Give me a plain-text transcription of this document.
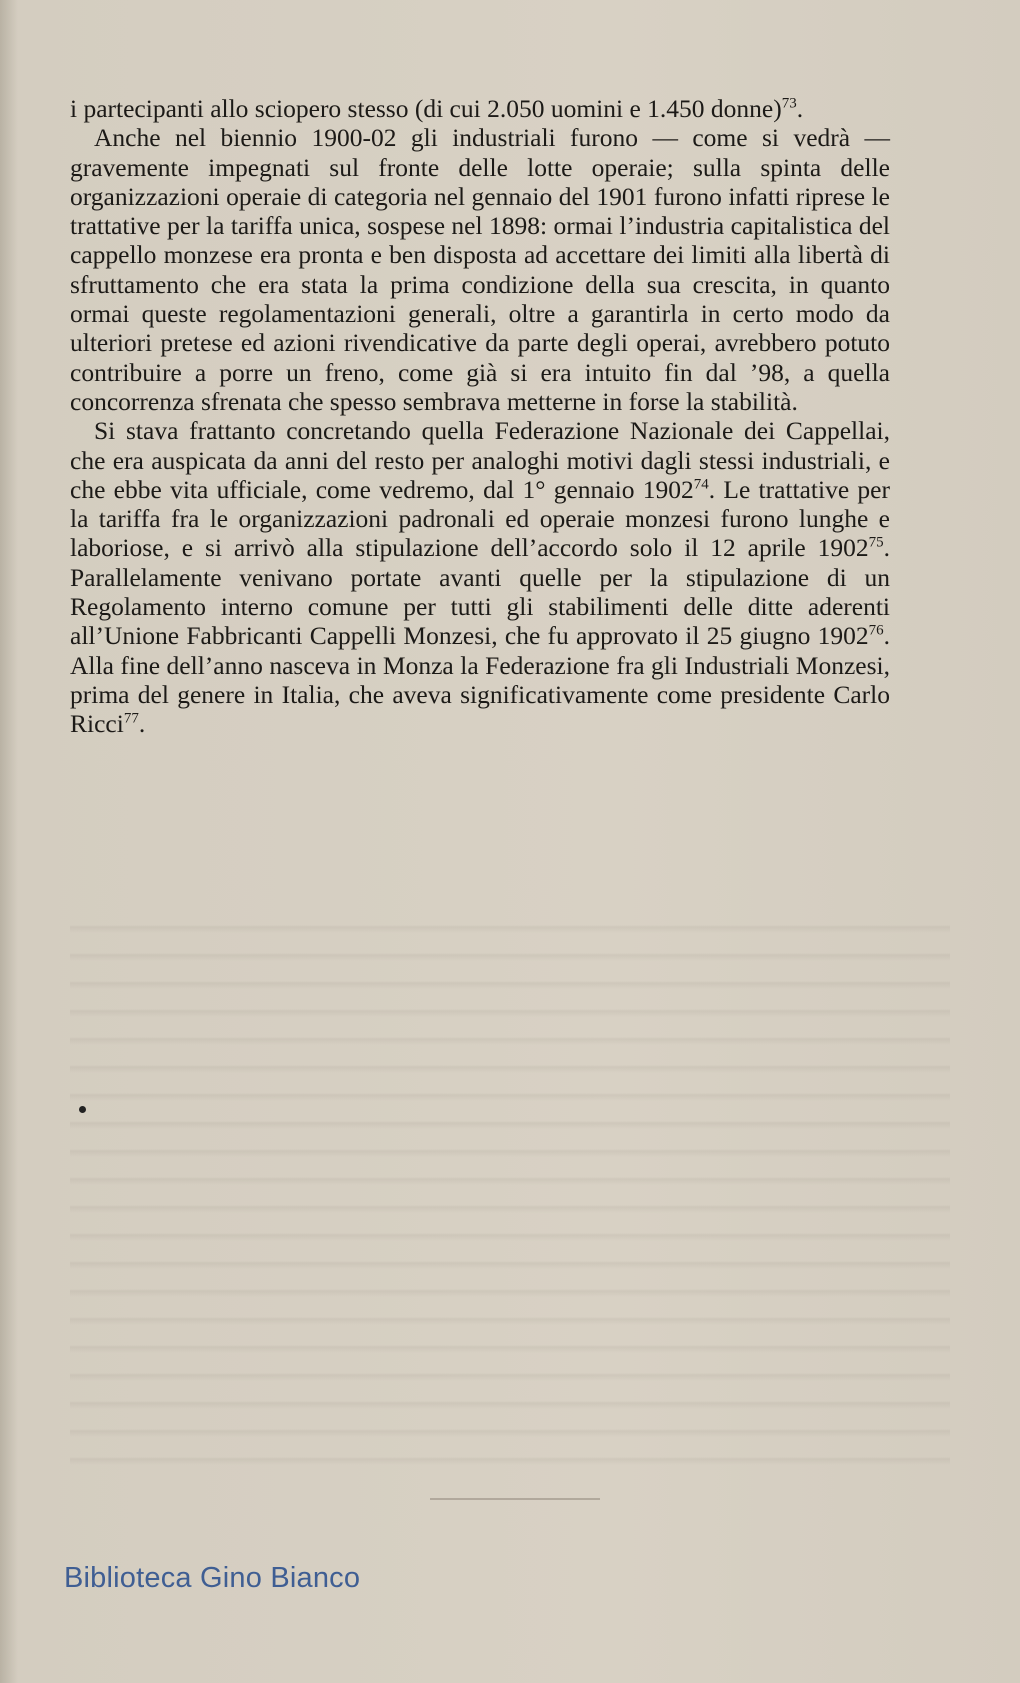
i partecipanti allo sciopero stesso (di cui 2.050 uomini e 1.450 donne)$^{73}$.

Anche nel biennio 1900-02 gli industriali furono — come si vedrà — gravemente impegnati sul fronte delle lotte operaie; sulla spinta delle organizzazioni operaie di categoria nel gennaio del 1901 furono infatti riprese le trattative per la tariffa unica, sospese nel 1898: ormai l’industria capitalistica del cappello monzese era pronta e ben disposta ad accettare dei limiti alla libertà di sfruttamento che era stata la prima condizione della sua crescita, in quanto ormai queste regolamentazioni generali, oltre a garantirla in certo modo da ulteriori pretese ed azioni rivendicative da parte degli operai, avrebbero potuto contribuire a porre un freno, come già si era intuito fin dal ’98, a quella concorrenza sfrenata che spesso sembrava metterne in forse la stabilità.

Si stava frattanto concretando quella Federazione Nazionale dei Cappellai, che era auspicata da anni del resto per analoghi motivi dagli stessi industriali, e che ebbe vita ufficiale, come vedremo, dal 1° gennaio 1902$^{74}$. Le trattative per la tariffa fra le organizzazioni padronali ed operaie monzesi furono lunghe e laboriose, e si arrivò alla stipulazione dell’accordo solo il 12 aprile 1902$^{75}$. Parallelamente venivano portate avanti quelle per la stipulazione di un Regolamento interno comune per tutti gli stabilimenti delle ditte aderenti all’Unione Fabbricanti Cappelli Monzesi, che fu approvato il 25 giugno 1902$^{76}$. Alla fine dell’anno nasceva in Monza la Federazione fra gli Industriali Monzesi, prima del genere in Italia, che aveva significativamente come presidente Carlo Ricci$^{77}$.

Biblioteca Gino Bianco
